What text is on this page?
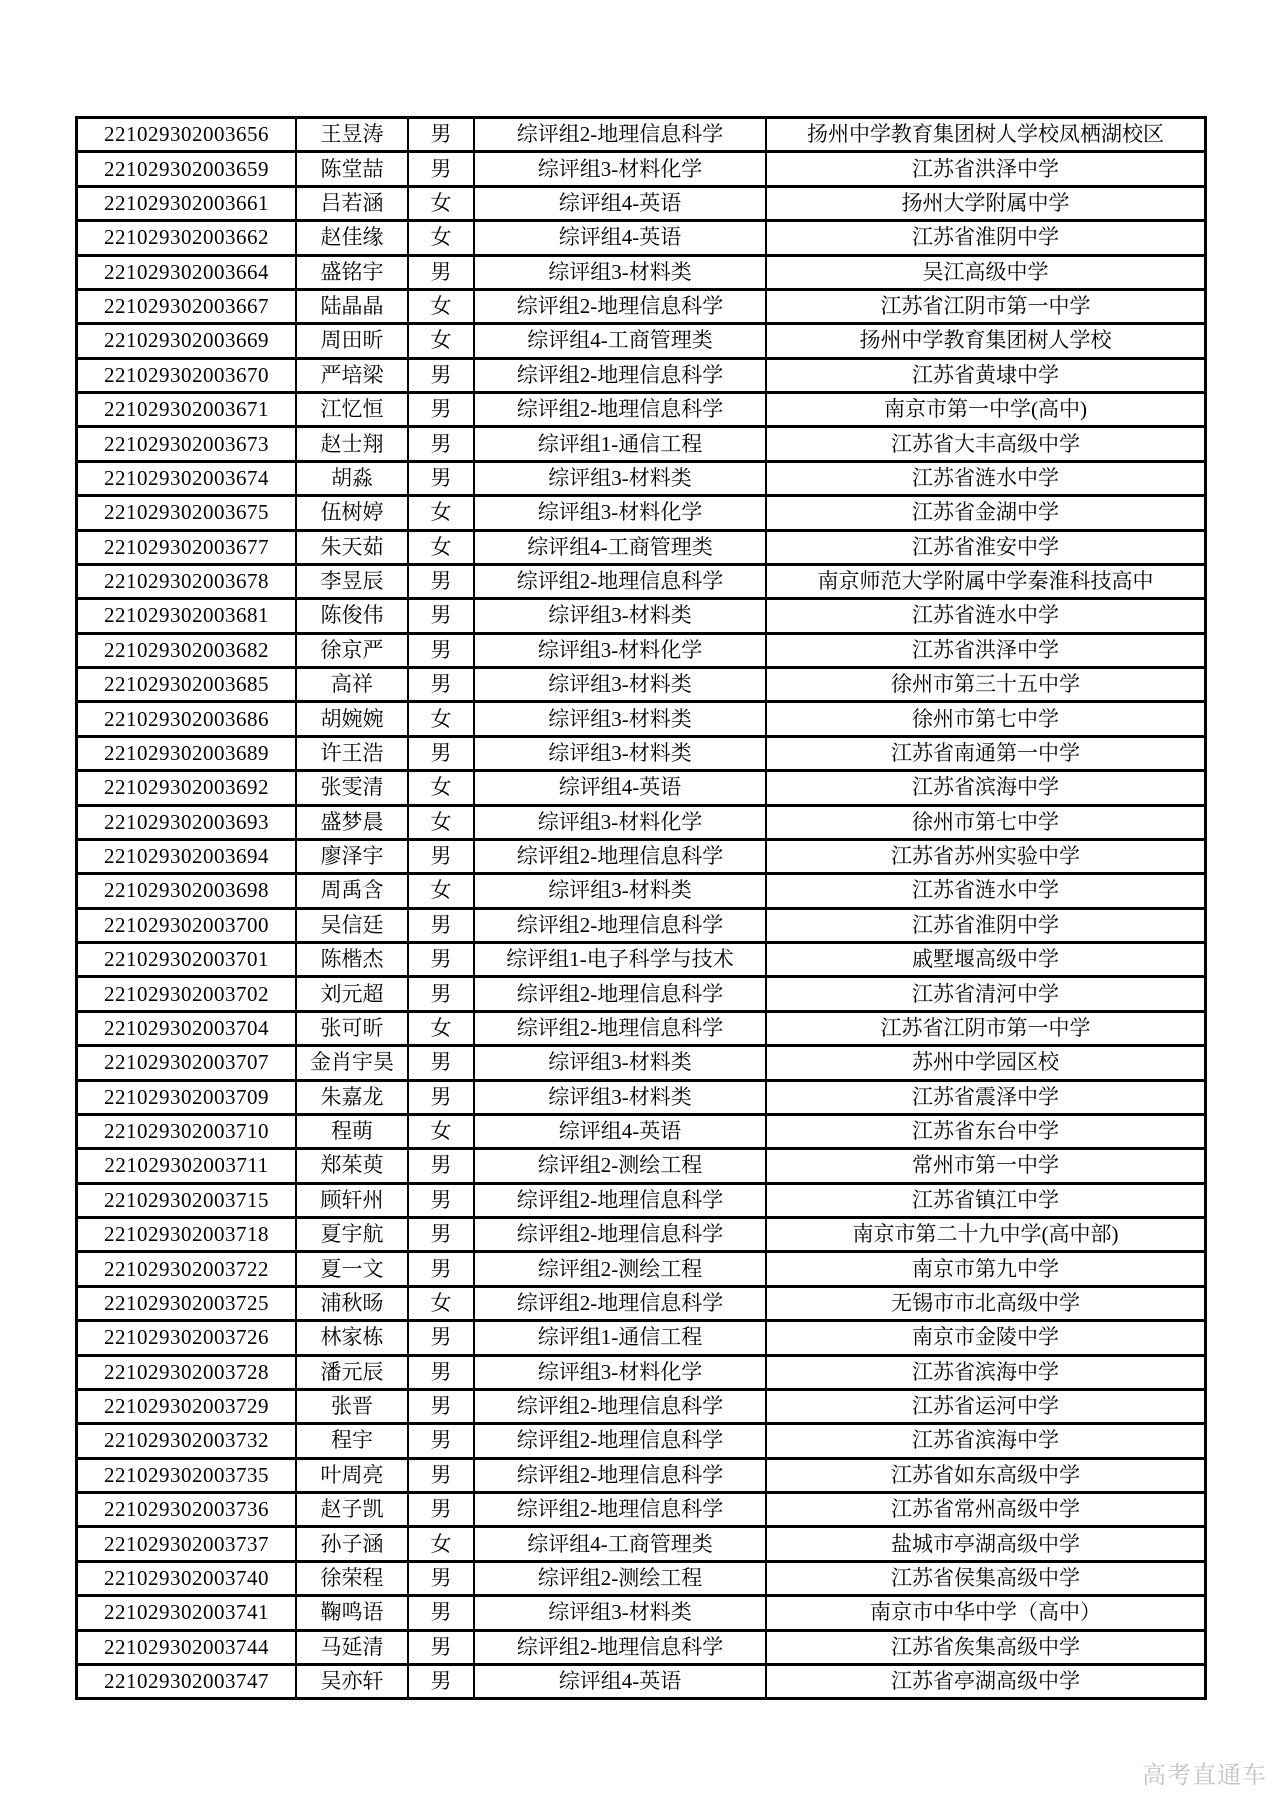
221029302003656	王昱涛	男	综评组2-地理信息科学	扬州中学教育集团树人学校凤栖湖校区
221029302003659	陈堂喆	男	综评组3-材料化学	江苏省洪泽中学
221029302003661	吕若涵	女	综评组4-英语	扬州大学附属中学
221029302003662	赵佳缘	女	综评组4-英语	江苏省淮阴中学
221029302003664	盛铭宇	男	综评组3-材料类	吴江高级中学
221029302003667	陆晶晶	女	综评组2-地理信息科学	江苏省江阴市第一中学
221029302003669	周田昕	女	综评组4-工商管理类	扬州中学教育集团树人学校
221029302003670	严培梁	男	综评组2-地理信息科学	江苏省黄埭中学
221029302003671	江忆恒	男	综评组2-地理信息科学	南京市第一中学(高中)
221029302003673	赵士翔	男	综评组1-通信工程	江苏省大丰高级中学
221029302003674	胡淼	男	综评组3-材料类	江苏省涟水中学
221029302003675	伍树婷	女	综评组3-材料化学	江苏省金湖中学
221029302003677	朱天茹	女	综评组4-工商管理类	江苏省淮安中学
221029302003678	李昱辰	男	综评组2-地理信息科学	南京师范大学附属中学秦淮科技高中
221029302003681	陈俊伟	男	综评组3-材料类	江苏省涟水中学
221029302003682	徐京严	男	综评组3-材料化学	江苏省洪泽中学
221029302003685	高祥	男	综评组3-材料类	徐州市第三十五中学
221029302003686	胡婉婉	女	综评组3-材料类	徐州市第七中学
221029302003689	许王浩	男	综评组3-材料类	江苏省南通第一中学
221029302003692	张雯清	女	综评组4-英语	江苏省滨海中学
221029302003693	盛梦晨	女	综评组3-材料化学	徐州市第七中学
221029302003694	廖泽宇	男	综评组2-地理信息科学	江苏省苏州实验中学
221029302003698	周禹含	女	综评组3-材料类	江苏省涟水中学
221029302003700	吴信廷	男	综评组2-地理信息科学	江苏省淮阴中学
221029302003701	陈楷杰	男	综评组1-电子科学与技术	戚墅堰高级中学
221029302003702	刘元超	男	综评组2-地理信息科学	江苏省清河中学
221029302003704	张可昕	女	综评组2-地理信息科学	江苏省江阴市第一中学
221029302003707	金肖宇昊	男	综评组3-材料类	苏州中学园区校
221029302003709	朱嘉龙	男	综评组3-材料类	江苏省震泽中学
221029302003710	程萌	女	综评组4-英语	江苏省东台中学
221029302003711	郑茱萸	男	综评组2-测绘工程	常州市第一中学
221029302003715	顾轩州	男	综评组2-地理信息科学	江苏省镇江中学
221029302003718	夏宇航	男	综评组2-地理信息科学	南京市第二十九中学(高中部)
221029302003722	夏一文	男	综评组2-测绘工程	南京市第九中学
221029302003725	浦秋旸	女	综评组2-地理信息科学	无锡市市北高级中学
221029302003726	林家栋	男	综评组1-通信工程	南京市金陵中学
221029302003728	潘元辰	男	综评组3-材料化学	江苏省滨海中学
221029302003729	张晋	男	综评组2-地理信息科学	江苏省运河中学
221029302003732	程宇	男	综评组2-地理信息科学	江苏省滨海中学
221029302003735	叶周亮	男	综评组2-地理信息科学	江苏省如东高级中学
221029302003736	赵子凯	男	综评组2-地理信息科学	江苏省常州高级中学
221029302003737	孙子涵	女	综评组4-工商管理类	盐城市亭湖高级中学
221029302003740	徐荣程	男	综评组2-测绘工程	江苏省侯集高级中学
221029302003741	鞠鸣语	男	综评组3-材料类	南京市中华中学（高中）
221029302003744	马延清	男	综评组2-地理信息科学	江苏省矦集高级中学
221029302003747	吴亦轩	男	综评组4-英语	江苏省亭湖高级中学
高考直通车
